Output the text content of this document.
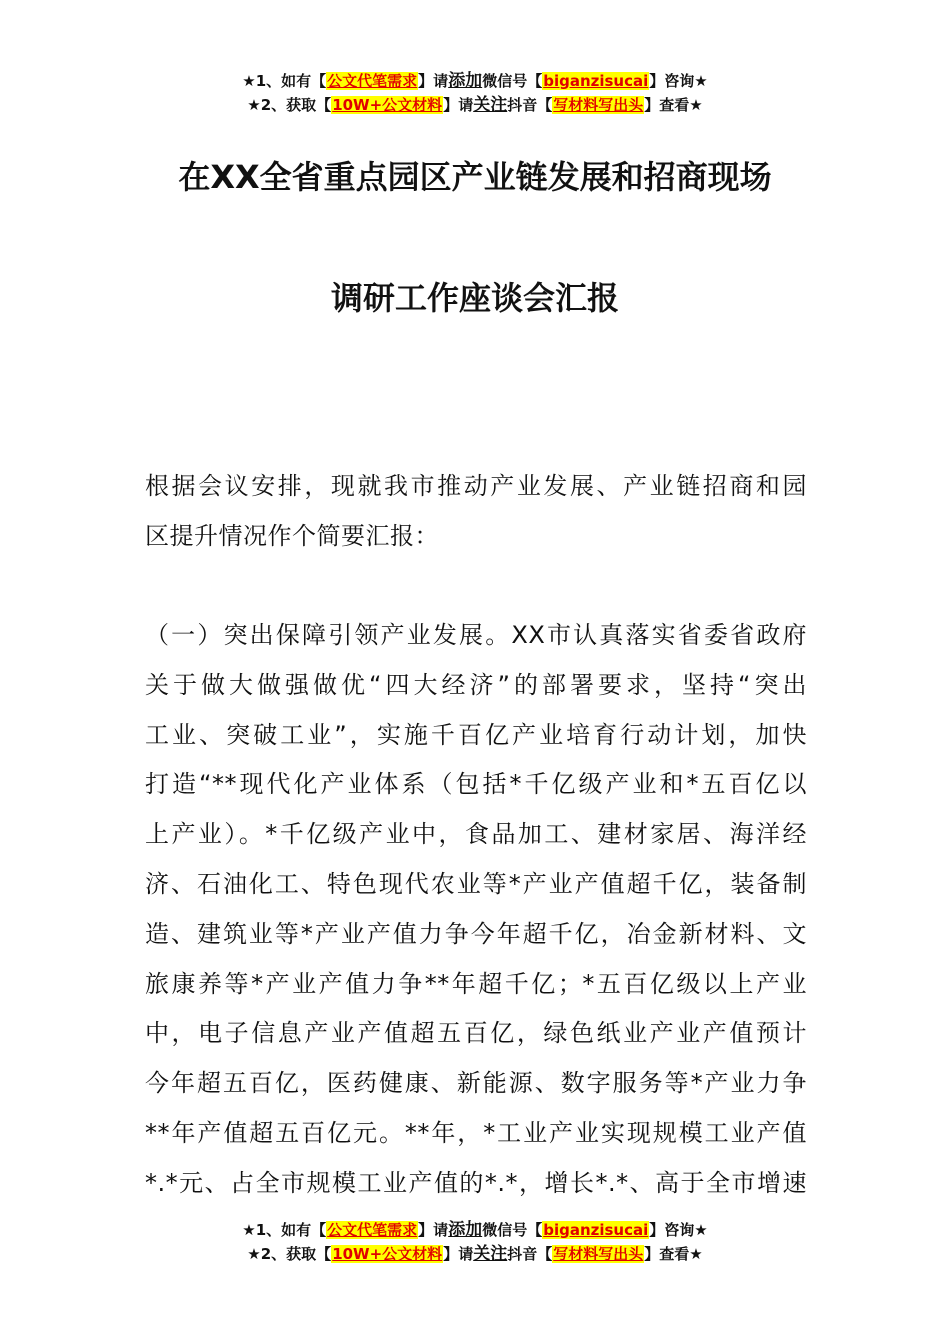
★1、如有【公文代笔需求】请添加微信号【biganzisucai】咨询★
★2、获取【10W+公文材料】请关注抖音【写材料写出头】查看★
在XX全省重点园区产业链发展和招商现场
调研工作座谈会汇报
根据会议安排，现就我市推动产业发展、产业链招商和园
区提升情况作个简要汇报：
（一）突出保障引领产业发展。XX市认真落实省委省政府
关于做大做强做优“四大经济”的部署要求，坚持“突出
工业、突破工业”，实施千百亿产业培育行动计划，加快
打造“**现代化产业体系（包括*千亿级产业和*五百亿以
上产业）。*千亿级产业中，食品加工、建材家居、海洋经
济、石油化工、特色现代农业等*产业产值超千亿，装备制
造、建筑业等*产业产值力争今年超千亿，冶金新材料、文
旅康养等*产业产值力争**年超千亿；*五百亿级以上产业
中，电子信息产业产值超五百亿，绿色纸业产业产值预计
今年超五百亿，医药健康、新能源、数字服务等*产业力争
**年产值超五百亿元。**年，*工业产业实现规模工业产值
*.*元、占全市规模工业产值的*.*，增长*.*、高于全市增速
★1、如有【公文代笔需求】请添加微信号【biganzisucai】咨询★
★2、获取【10W+公文材料】请关注抖音【写材料写出头】查看★
